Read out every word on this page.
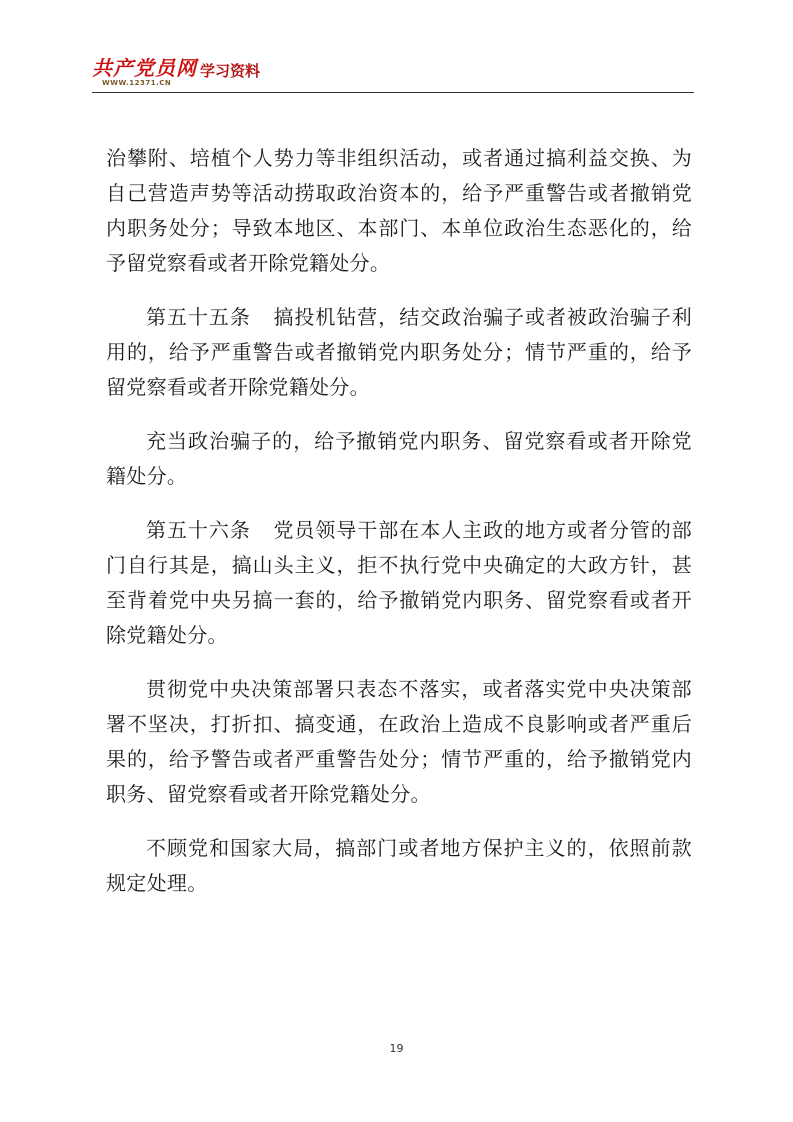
共产党员网
WWW.12371.CN
学习资料

治攀附、培植个人势力等非组织活动，或者通过搞利益交换、为自己营造声势等活动捞取政治资本的，给予严重警告或者撤销党内职务处分；导致本地区、本部门、本单位政治生态恶化的，给予留党察看或者开除党籍处分。

第五十五条 搞投机钻营，结交政治骗子或者被政治骗子利用的，给予严重警告或者撤销党内职务处分；情节严重的，给予留党察看或者开除党籍处分。

充当政治骗子的，给予撤销党内职务、留党察看或者开除党籍处分。

第五十六条 党员领导干部在本人主政的地方或者分管的部门自行其是，搞山头主义，拒不执行党中央确定的大政方针，甚至背着党中央另搞一套的，给予撤销党内职务、留党察看或者开除党籍处分。

贯彻党中央决策部署只表态不落实，或者落实党中央决策部署不坚决，打折扣、搞变通，在政治上造成不良影响或者严重后果的，给予警告或者严重警告处分；情节严重的，给予撤销党内职务、留党察看或者开除党籍处分。

不顾党和国家大局，搞部门或者地方保护主义的，依照前款规定处理。

19
